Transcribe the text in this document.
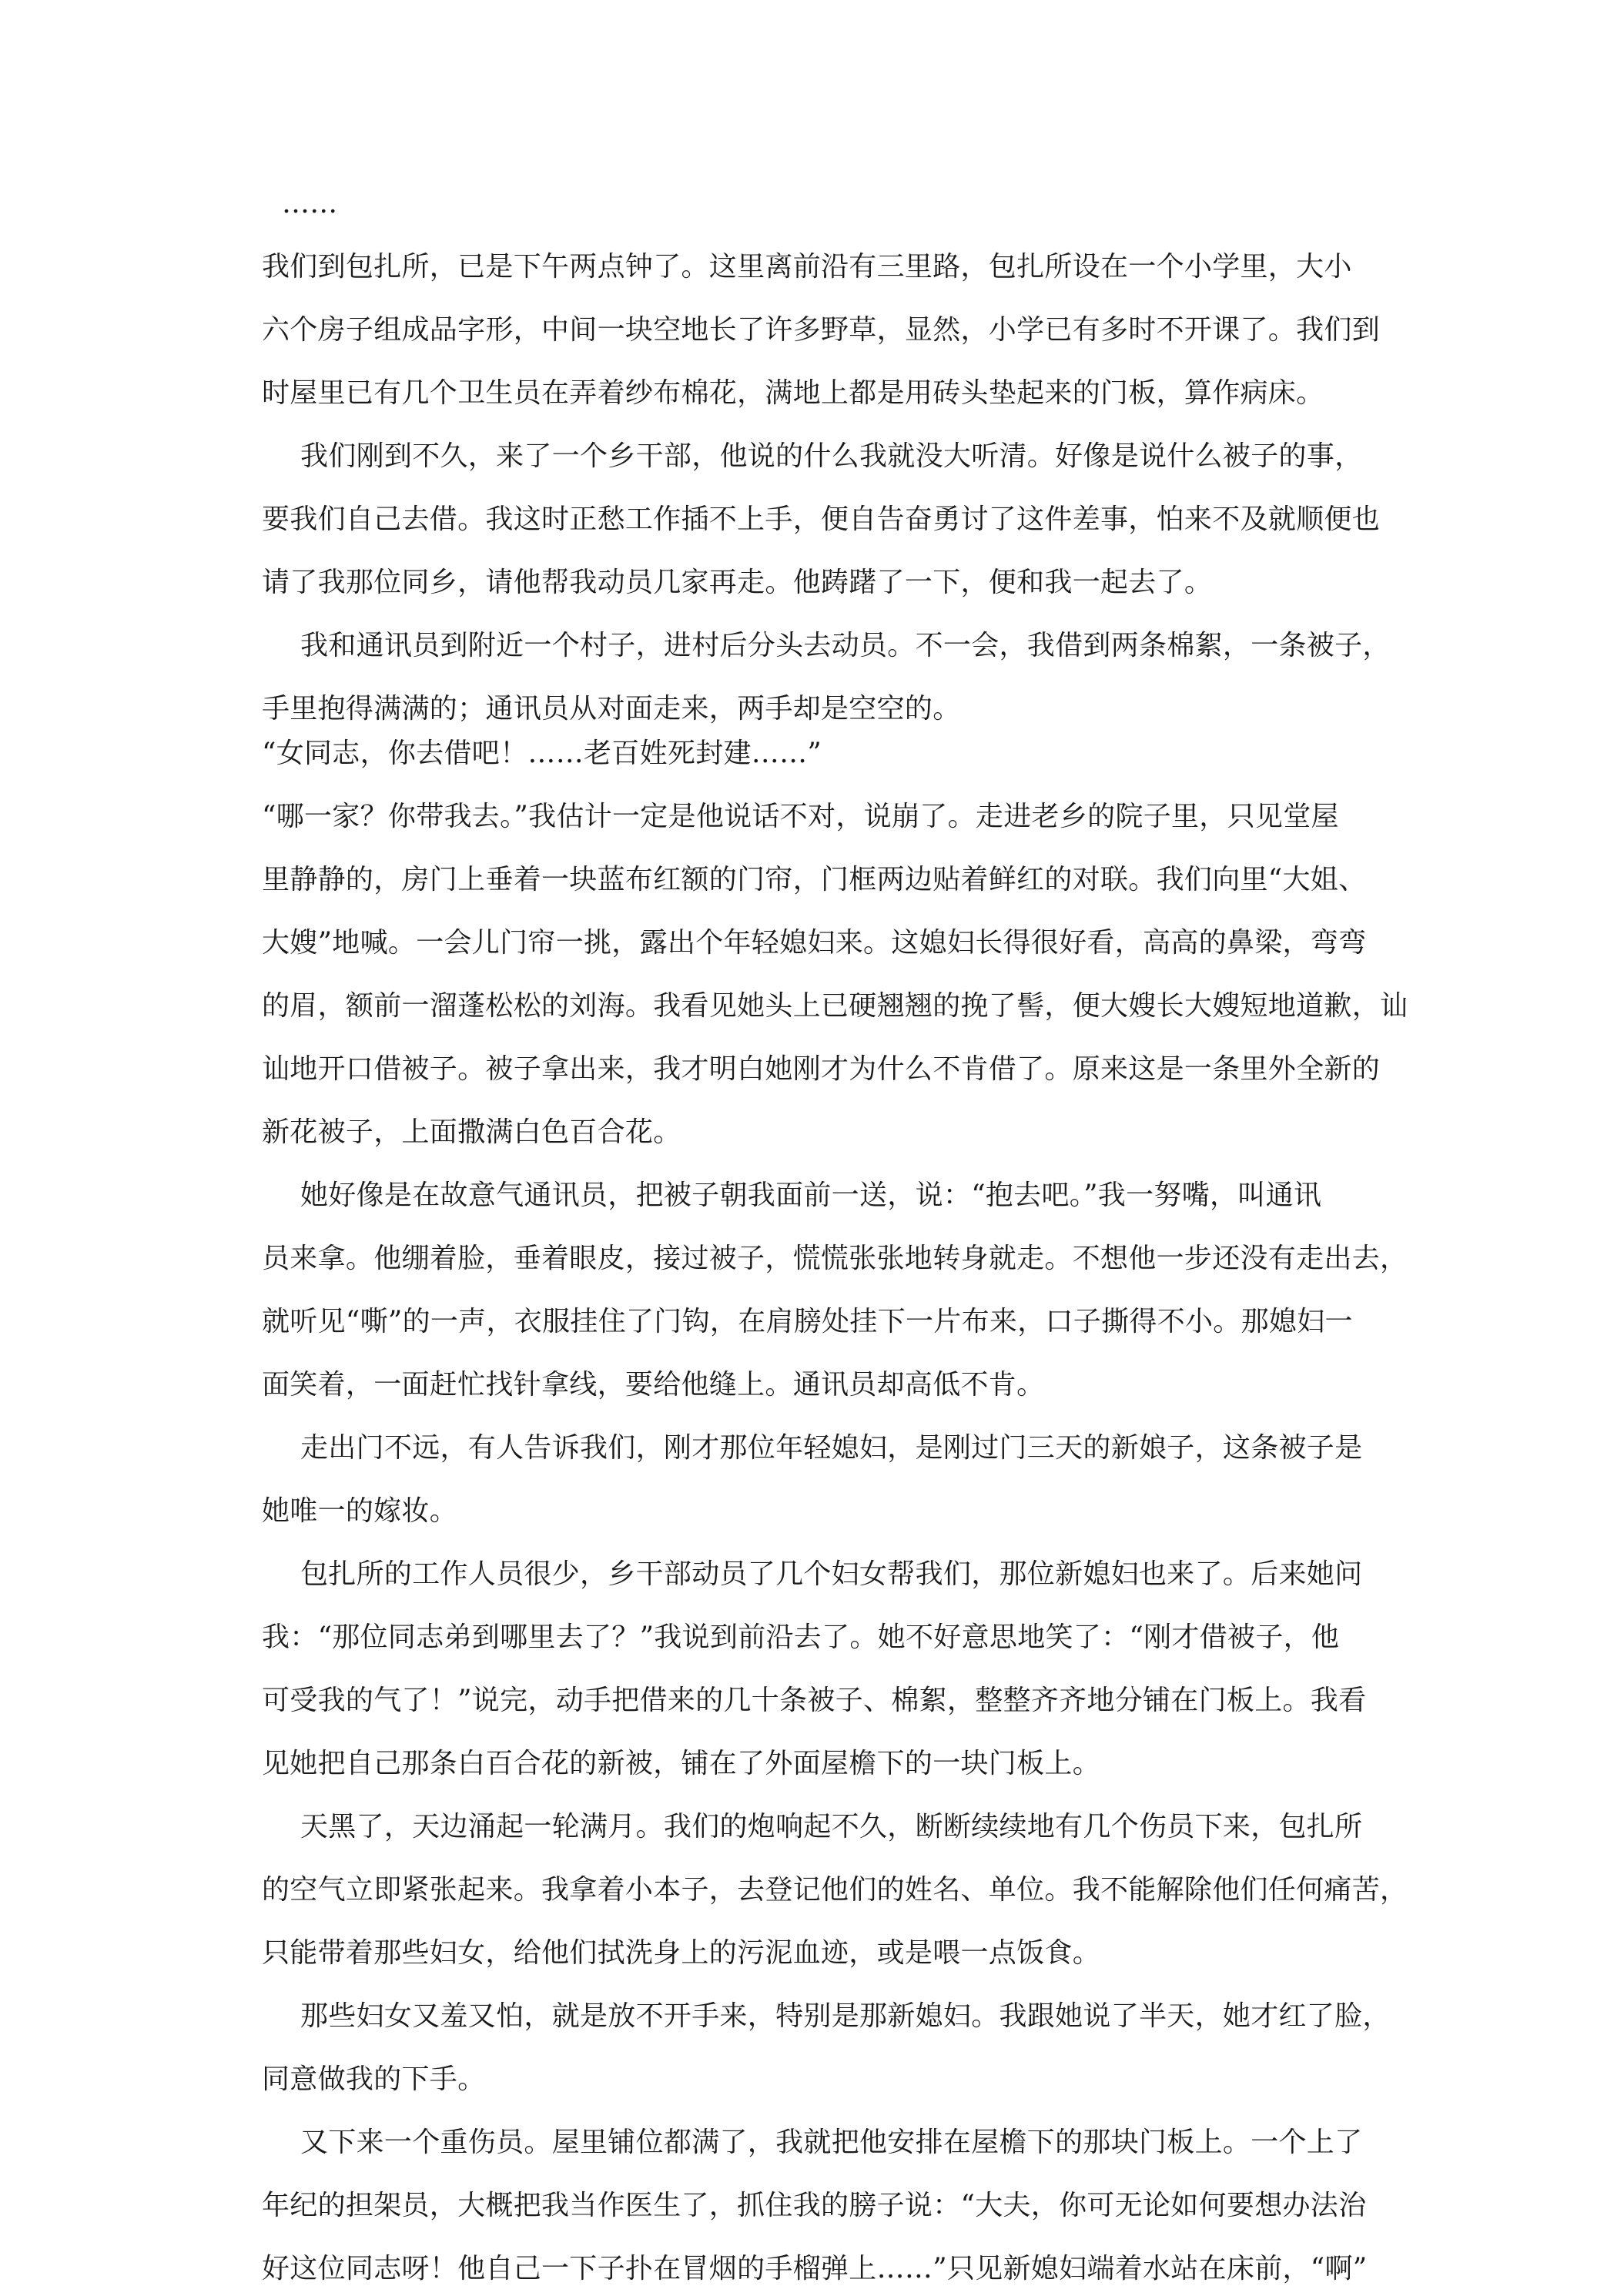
……
我们到包扎所，已是下午两点钟了。这里离前沿有三里路，包扎所设在一个小学里，大小
六个房子组成品字形，中间一块空地长了许多野草，显然，小学已有多时不开课了。我们到
时屋里已有几个卫生员在弄着纱布棉花，满地上都是用砖头垫起来的门板，算作病床。
我们刚到不久，来了一个乡干部，他说的什么我就没大听清。好像是说什么被子的事，
要我们自己去借。我这时正愁工作插不上手，便自告奋勇讨了这件差事，怕来不及就顺便也
请了我那位同乡，请他帮我动员几家再走。他踌躇了一下，便和我一起去了。
我和通讯员到附近一个村子，进村后分头去动员。不一会，我借到两条棉絮，一条被子，
手里抱得满满的；通讯员从对面走来，两手却是空空的。
“女同志，你去借吧！……老百姓死封建……”
“哪一家？你带我去。”我估计一定是他说话不对，说崩了。走进老乡的院子里，只见堂屋
里静静的，房门上垂着一块蓝布红额的门帘，门框两边贴着鲜红的对联。我们向里“大姐、
大嫂”地喊。一会儿门帘一挑，露出个年轻媳妇来。这媳妇长得很好看，高高的鼻梁，弯弯
的眉，额前一溜蓬松松的刘海。我看见她头上已硬翘翘的挽了髻，便大嫂长大嫂短地道歉，讪
讪地开口借被子。被子拿出来，我才明白她刚才为什么不肯借了。原来这是一条里外全新的
新花被子，上面撒满白色百合花。
她好像是在故意气通讯员，把被子朝我面前一送，说：“抱去吧。”我一努嘴，叫通讯
员来拿。他绷着脸，垂着眼皮，接过被子，慌慌张张地转身就走。不想他一步还没有走出去，
就听见“嘶”的一声，衣服挂住了门钩，在肩膀处挂下一片布来，口子撕得不小。那媳妇一
面笑着，一面赶忙找针拿线，要给他缝上。通讯员却高低不肯。
走出门不远，有人告诉我们，刚才那位年轻媳妇，是刚过门三天的新娘子，这条被子是
她唯一的嫁妆。
包扎所的工作人员很少，乡干部动员了几个妇女帮我们，那位新媳妇也来了。后来她问
我：“那位同志弟到哪里去了？”我说到前沿去了。她不好意思地笑了：“刚才借被子，他
可受我的气了！”说完，动手把借来的几十条被子、棉絮，整整齐齐地分铺在门板上。我看
见她把自己那条白百合花的新被，铺在了外面屋檐下的一块门板上。
天黑了，天边涌起一轮满月。我们的炮响起不久，断断续续地有几个伤员下来，包扎所
的空气立即紧张起来。我拿着小本子，去登记他们的姓名、单位。我不能解除他们任何痛苦，
只能带着那些妇女，给他们拭洗身上的污泥血迹，或是喂一点饭食。
那些妇女又羞又怕，就是放不开手来，特别是那新媳妇。我跟她说了半天，她才红了脸，
同意做我的下手。
又下来一个重伤员。屋里铺位都满了，我就把他安排在屋檐下的那块门板上。一个上了
年纪的担架员，大概把我当作医生了，抓住我的膀子说：“大夫，你可无论如何要想办法治
好这位同志呀！他自己一下子扑在冒烟的手榴弹上……”只见新媳妇端着水站在床前，“啊”
